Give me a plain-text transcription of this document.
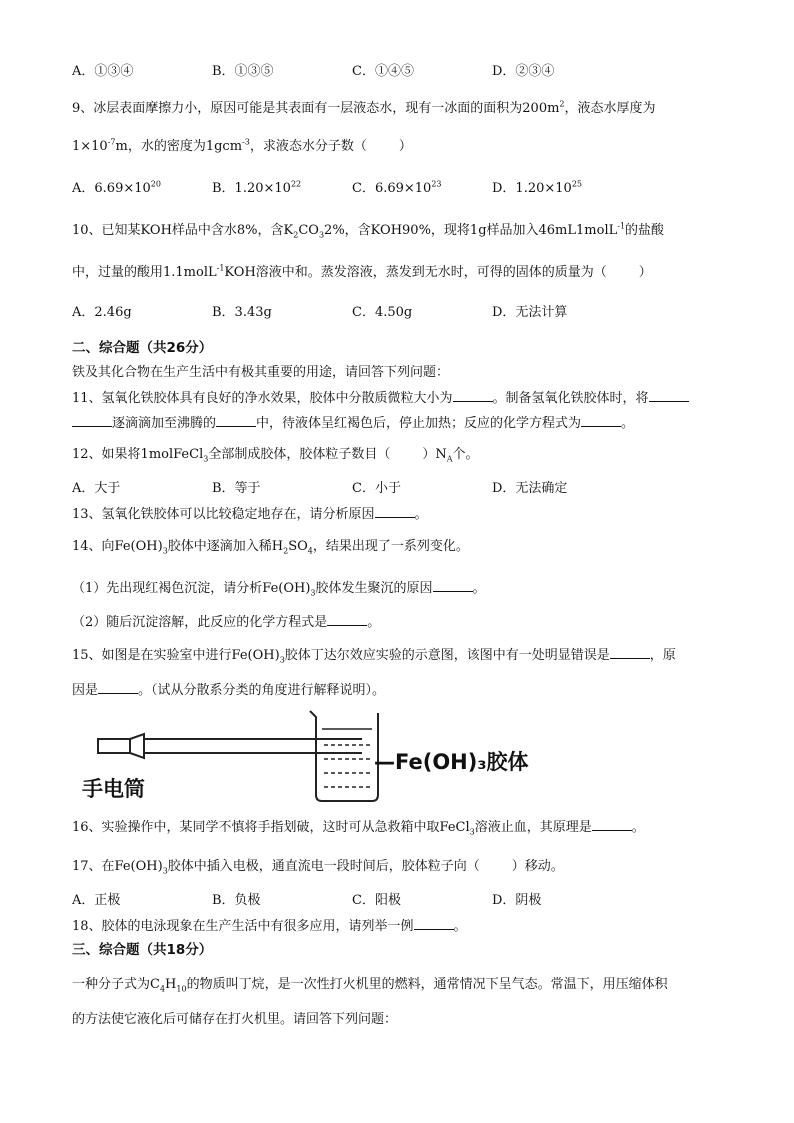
A．①③④	B．①③⑤	C．①④⑤	D．②③④
9、冰层表面摩擦力小，原因可能是其表面有一层液态水，现有一冰面的面积为$200m^2$，液态水厚度为
$1\times 10^{-7}m$，水的密度为1gcm$^{-3}$，求液态水分子数（ ）
A．$6.69\times 10^{20}$	B．$1.20\times 10^{22}$	C．$6.69\times 10^{23}$	D．$1.20\times 10^{25}$
10、已知某KOH样品中含水8%，含$K_2CO_32\%$，含KOH90%，现将1g样品加入46mL1molL$^{-1}$的盐酸
中，过量的酸用1.1molL$^{-1}$KOH溶液中和。蒸发溶液，蒸发到无水时，可得的固体的质量为（ ）
A．2.46g	B．3.43g	C．4.50g	D．无法计算
二、综合题（共26分）
铁及其化合物在生产生活中有极其重要的用途，请回答下列问题：
11、氢氧化铁胶体具有良好的净水效果，胶体中分散质微粒大小为	。制备氢氧化铁胶体时，将
逐滴滴加至沸腾的	中，待液体呈红褐色后，停止加热；反应的化学方程式为	。
12、如果将1molFeCl$_3$全部制成胶体，胶体粒子数目（ ）$N_A$个。
A．大于	B．等于	C．小于	D．无法确定
13、氢氧化铁胶体可以比较稳定地存在，请分析原因	。
14、向$Fe(OH)_3$胶体中逐滴加入稀$H_2SO_4$，结果出现了一系列变化。
（1）先出现红褐色沉淀，请分析$Fe(OH)_3$胶体发生聚沉的原因	。
（2）随后沉淀溶解，此反应的化学方程式是	。
15、如图是在实验室中进行$Fe(OH)_3$胶体丁达尔效应实验的示意图，该图中有一处明显错误是	，原
因是	。（试从分散系分类的角度进行解释说明）。
手电筒
—Fe(OH)₃胶体
16、实验操作中，某同学不慎将手指划破，这时可从急救箱中取FeCl$_3$溶液止血，其原理是	。
17、在$Fe(OH)_3$胶体中插入电极，通直流电一段时间后，胶体粒子向（ ）移动。
A．正极	B．负极	C．阳极	D．阴极
18、胶体的电泳现象在生产生活中有很多应用，请列举一例	。
三、综合题（共18分）
一种分子式为$C_4H_{10}$的物质叫丁烷，是一次性打火机里的燃料，通常情况下呈气态。常温下，用压缩体积
的方法使它液化后可储存在打火机里。请回答下列问题：
